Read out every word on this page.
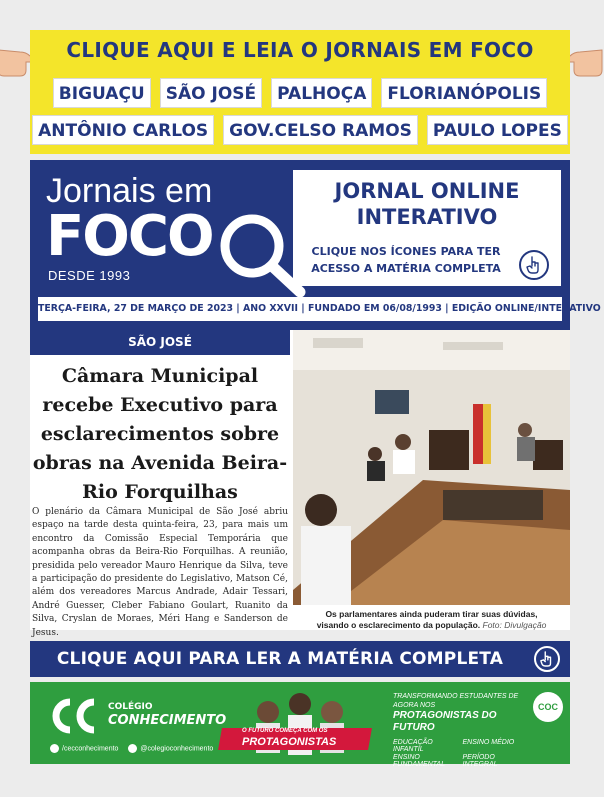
CLIQUE AQUI E LEIA O JORNAIS EM FOCO
BIGUAÇU	SÃO JOSÉ	PALHOÇA	FLORIANÓPOLIS
ANTÔNIO CARLOS	GOV.CELSO RAMOS	PAULO LOPES
Jornais em
FOCO
DESDE 1993
JORNAL ONLINE
INTERATIVO
CLIQUE NOS ÍCONES PARA TER
ACESSO A MATÉRIA COMPLETA
TERÇA-FEIRA, 27 DE MARÇO DE 2023 | ANO XXVII | FUNDADO EM 06/08/1993 | EDIÇÃO ONLINE/INTERATIVO
SÃO JOSÉ
Câmara Municipal recebe Executivo para esclarecimentos sobre obras na Avenida Beira-Rio Forquilhas
O plenário da Câmara Municipal de São José abriu espaço na tarde desta quinta-feira, 23, para mais um encontro da Comissão Especial Temporária que acompanha obras da Beira-Rio Forquilhas. A reunião, presidida pelo vereador Mauro Henrique da Silva, teve a participação do presidente do Legislativo, Matson Cé, além dos vereadores Marcus Andrade, Adair Tessari, André Guesser, Cleber Fabiano Goulart, Ruanito da Silva, Cryslan de Moraes, Méri Hang e Sanderson de Jesus.
Os parlamentares ainda puderam tirar suas dúvidas,
visando o esclarecimento da população. Foto: Divulgação
CLIQUE AQUI PARA LER A MATÉRIA COMPLETA
COLÉGIO
CONHECIMENTO
/cecconhecimento	@colegioconhecimento
O FUTURO COMEÇA COM OS
PROTAGONISTAS
TRANSFORMANDO ESTUDANTES DE AGORA NOS
PROTAGONISTAS DO FUTURO
EDUCAÇÃO INFANTIL
ENSINO MÉDIO
ENSINO FUNDAMENTAL
PERÍODO INTEGRAL
COC
